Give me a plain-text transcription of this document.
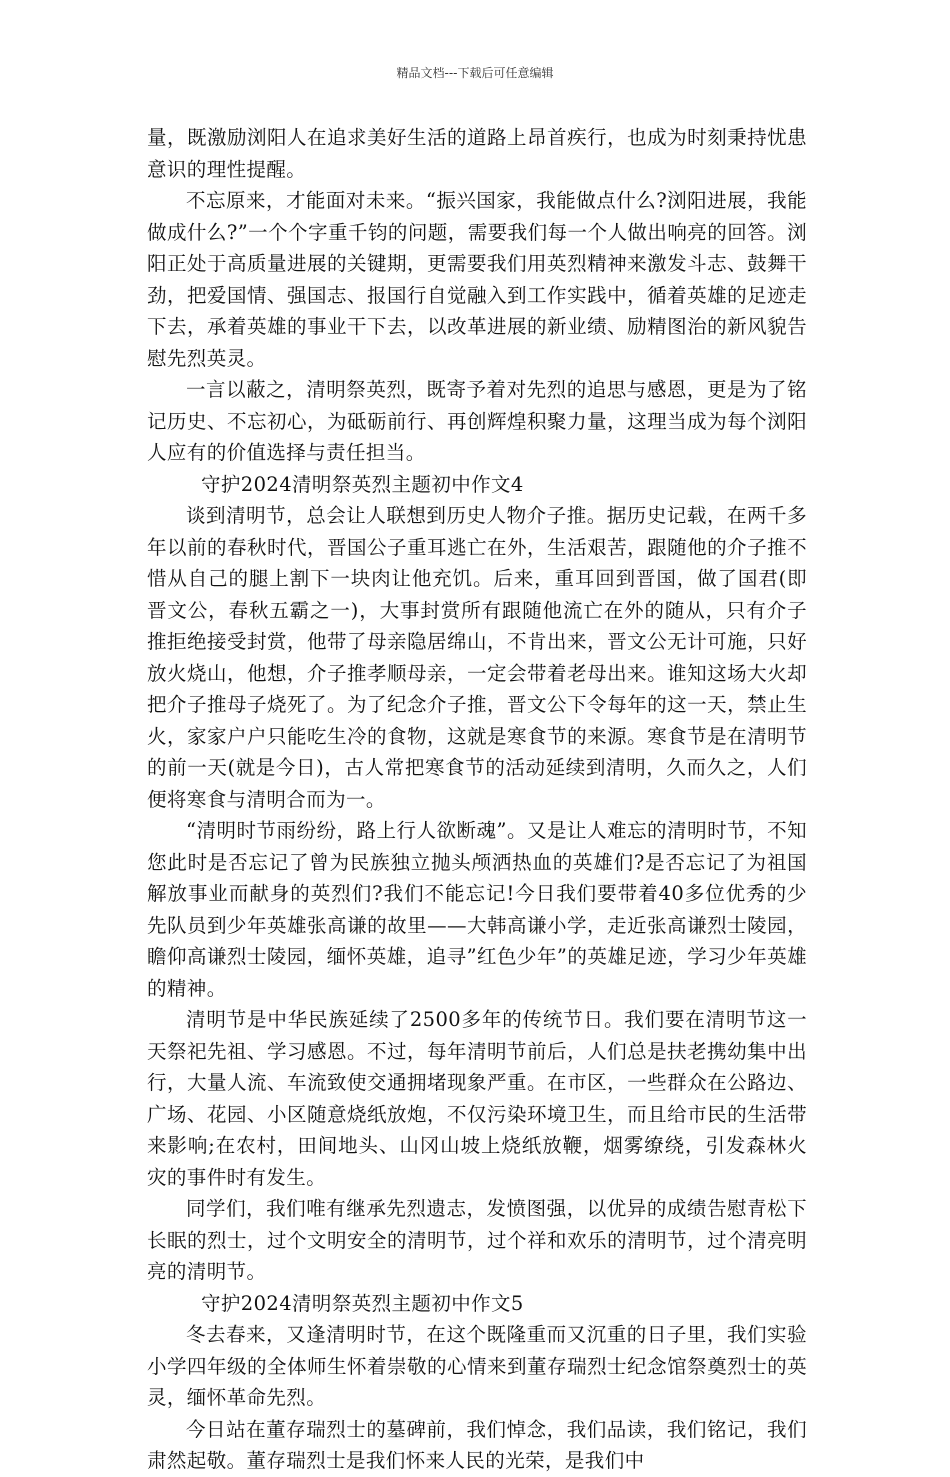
精品文档---下载后可任意编辑

量，既激励浏阳人在追求美好生活的道路上昂首疾行，也成为时刻秉持忧患意识的理性提醒。

不忘原来，才能面对未来。“振兴国家，我能做点什么?浏阳进展，我能做成什么?”一个个字重千钧的问题，需要我们每一个人做出响亮的回答。浏阳正处于高质量进展的关键期，更需要我们用英烈精神来激发斗志、鼓舞干劲，把爱国情、强国志、报国行自觉融入到工作实践中，循着英雄的足迹走下去，承着英雄的事业干下去，以改革进展的新业绩、励精图治的新风貌告慰先烈英灵。

一言以蔽之，清明祭英烈，既寄予着对先烈的追思与感恩，更是为了铭记历史、不忘初心，为砥砺前行、再创辉煌积聚力量，这理当成为每个浏阳人应有的价值选择与责任担当。

守护2024清明祭英烈主题初中作文4

谈到清明节，总会让人联想到历史人物介子推。据历史记载，在两千多年以前的春秋时代，晋国公子重耳逃亡在外，生活艰苦，跟随他的介子推不惜从自己的腿上割下一块肉让他充饥。后来，重耳回到晋国，做了国君(即晋文公，春秋五霸之一)，大事封赏所有跟随他流亡在外的随从，只有介子推拒绝接受封赏，他带了母亲隐居绵山，不肯出来，晋文公无计可施，只好放火烧山，他想，介子推孝顺母亲，一定会带着老母出来。谁知这场大火却把介子推母子烧死了。为了纪念介子推，晋文公下令每年的这一天，禁止生火，家家户户只能吃生冷的食物，这就是寒食节的来源。寒食节是在清明节的前一天(就是今日)，古人常把寒食节的活动延续到清明，久而久之，人们便将寒食与清明合而为一。

“清明时节雨纷纷，路上行人欲断魂”。又是让人难忘的清明时节，不知您此时是否忘记了曾为民族独立抛头颅洒热血的英雄们?是否忘记了为祖国解放事业而献身的英烈们?我们不能忘记!今日我们要带着40多位优秀的少先队员到少年英雄张高谦的故里——大韩高谦小学，走近张高谦烈士陵园，瞻仰高谦烈士陵园，缅怀英雄，追寻”红色少年”的英雄足迹，学习少年英雄的精神。

清明节是中华民族延续了2500多年的传统节日。我们要在清明节这一天祭祀先祖、学习感恩。不过，每年清明节前后，人们总是扶老携幼集中出行，大量人流、车流致使交通拥堵现象严重。在市区，一些群众在公路边、广场、花园、小区随意烧纸放炮，不仅污染环境卫生，而且给市民的生活带来影响;在农村，田间地头、山冈山坡上烧纸放鞭，烟雾缭绕，引发森林火灾的事件时有发生。

同学们，我们唯有继承先烈遗志，发愤图强，以优异的成绩告慰青松下长眠的烈士，过个文明安全的清明节，过个祥和欢乐的清明节，过个清亮明亮的清明节。

守护2024清明祭英烈主题初中作文5

冬去春来，又逢清明时节，在这个既隆重而又沉重的日子里，我们实验小学四年级的全体师生怀着崇敬的心情来到董存瑞烈士纪念馆祭奠烈士的英灵，缅怀革命先烈。

今日站在董存瑞烈士的墓碑前，我们悼念，我们品读，我们铭记，我们肃然起敬。董存瑞烈士是我们怀来人民的光荣，是我们中
